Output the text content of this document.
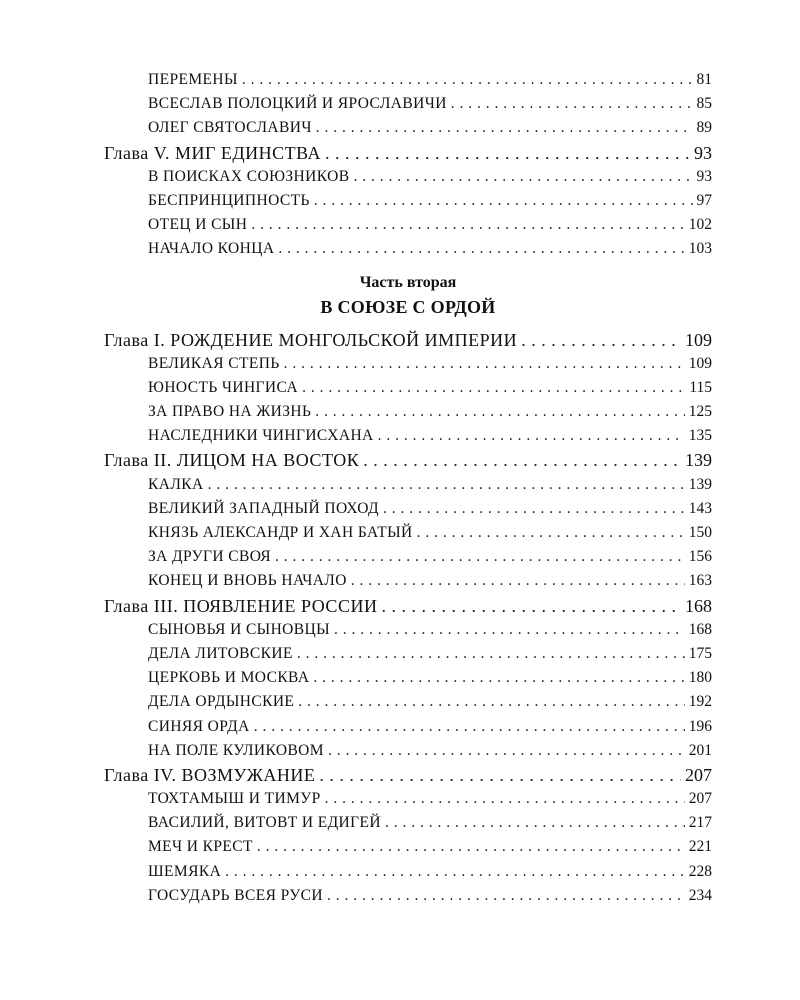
ПЕРЕМЕНЫ . . .	81
ВСЕСЛАВ ПОЛОЦКИЙ И ЯРОСЛАВИЧИ . . .	85
ОЛЕГ СВЯТОСЛАВИЧ . . .	89
Глава V. МИГ ЕДИНСТВА . . .	93
В ПОИСКАХ СОЮЗНИКОВ . . .	93
БЕСПРИНЦИПНОСТЬ . . .	97
ОТЕЦ И СЫН . . .	102
НАЧАЛО КОНЦА . . .	103
Часть вторая
В СОЮЗЕ С ОРДОЙ
Глава I. РОЖДЕНИЕ МОНГОЛЬСКОЙ ИМПЕРИИ . . .	109
ВЕЛИКАЯ СТЕПЬ . . .	109
ЮНОСТЬ ЧИНГИСА . . .	115
ЗА ПРАВО НА ЖИЗНЬ . . .	125
НАСЛЕДНИКИ ЧИНГИСХАНА . . .	135
Глава II. ЛИЦОМ НА ВОСТОК . . .	139
КАЛКА . . .	139
ВЕЛИКИЙ ЗАПАДНЫЙ ПОХОД . . .	143
КНЯЗЬ АЛЕКСАНДР И ХАН БАТЫЙ . . .	150
ЗА ДРУГИ СВОЯ . . .	156
КОНЕЦ И ВНОВЬ НАЧАЛО . . .	163
Глава III. ПОЯВЛЕНИЕ РОССИИ . . .	168
СЫНОВЬЯ И СЫНОВЦЫ . . .	168
ДЕЛА ЛИТОВСКИЕ . . .	175
ЦЕРКОВЬ И МОСКВА . . .	180
ДЕЛА ОРДЫНСКИЕ . . .	192
СИНЯЯ ОРДА . . .	196
НА ПОЛЕ КУЛИКОВОМ . . .	201
Глава IV. ВОЗМУЖАНИЕ . . .	207
ТОХТАМЫШ И ТИМУР . . .	207
ВАСИЛИЙ, ВИТОВТ И ЕДИГЕЙ . . .	217
МЕЧ И КРЕСТ . . .	221
ШЕМЯКА . . .	228
ГОСУДАРЬ ВСЕЯ РУСИ . . .	234
